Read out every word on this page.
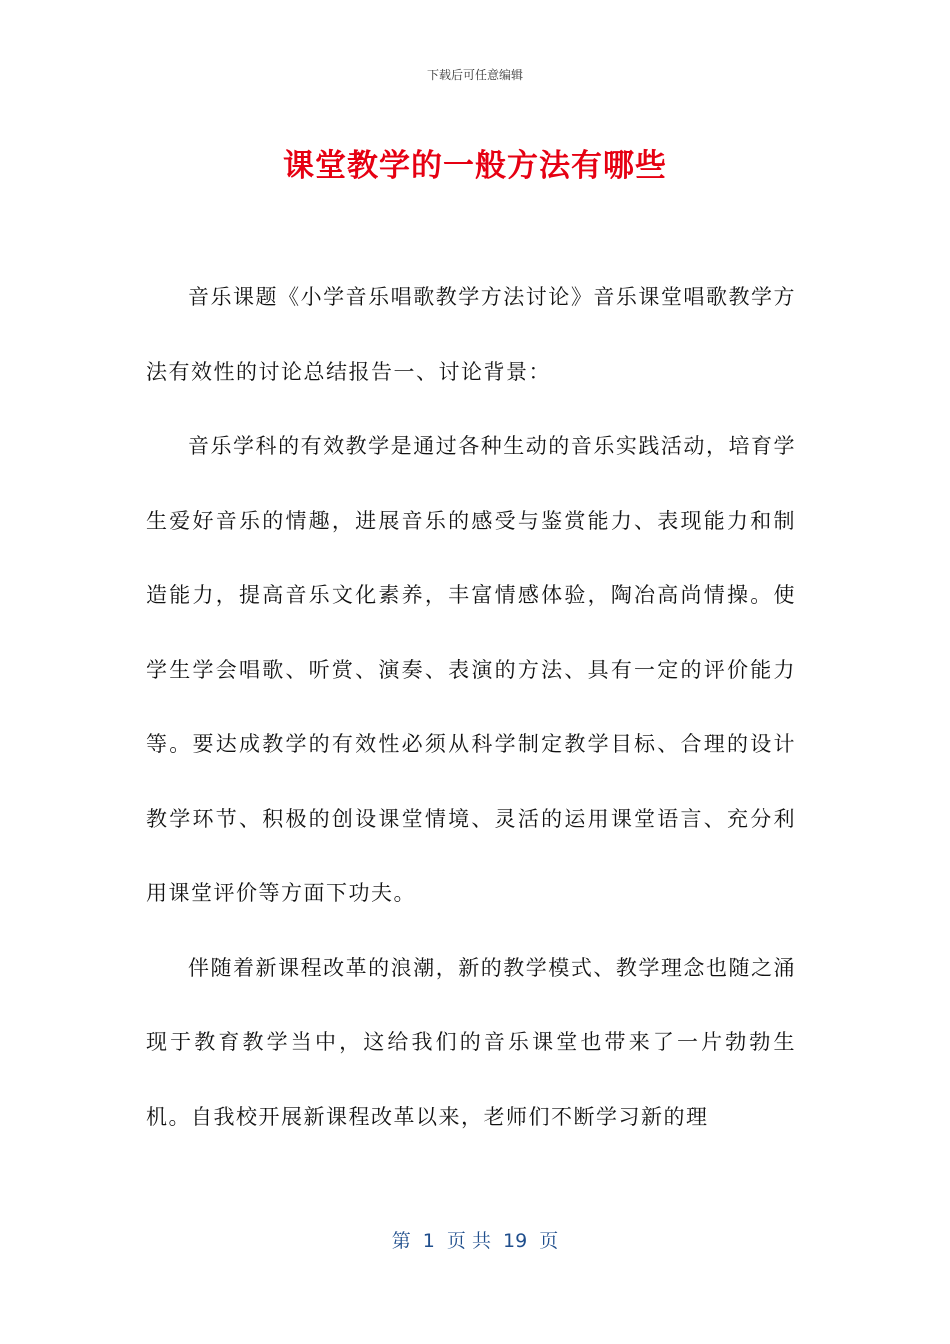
下载后可任意编辑
课堂教学的一般方法有哪些

音乐课题《小学音乐唱歌教学方法讨论》音乐课堂唱歌教学方法有效性的讨论总结报告一、讨论背景：

音乐学科的有效教学是通过各种生动的音乐实践活动，培育学生爱好音乐的情趣，进展音乐的感受与鉴赏能力、表现能力和制造能力，提高音乐文化素养，丰富情感体验，陶冶高尚情操。使学生学会唱歌、听赏、演奏、表演的方法、具有一定的评价能力等。要达成教学的有效性必须从科学制定教学目标、合理的设计教学环节、积极的创设课堂情境、灵活的运用课堂语言、充分利用课堂评价等方面下功夫。

伴随着新课程改革的浪潮，新的教学模式、教学理念也随之涌现于教育教学当中，这给我们的音乐课堂也带来了一片勃勃生机。自我校开展新课程改革以来，老师们不断学习新的理

第  1  页 共  19  页
